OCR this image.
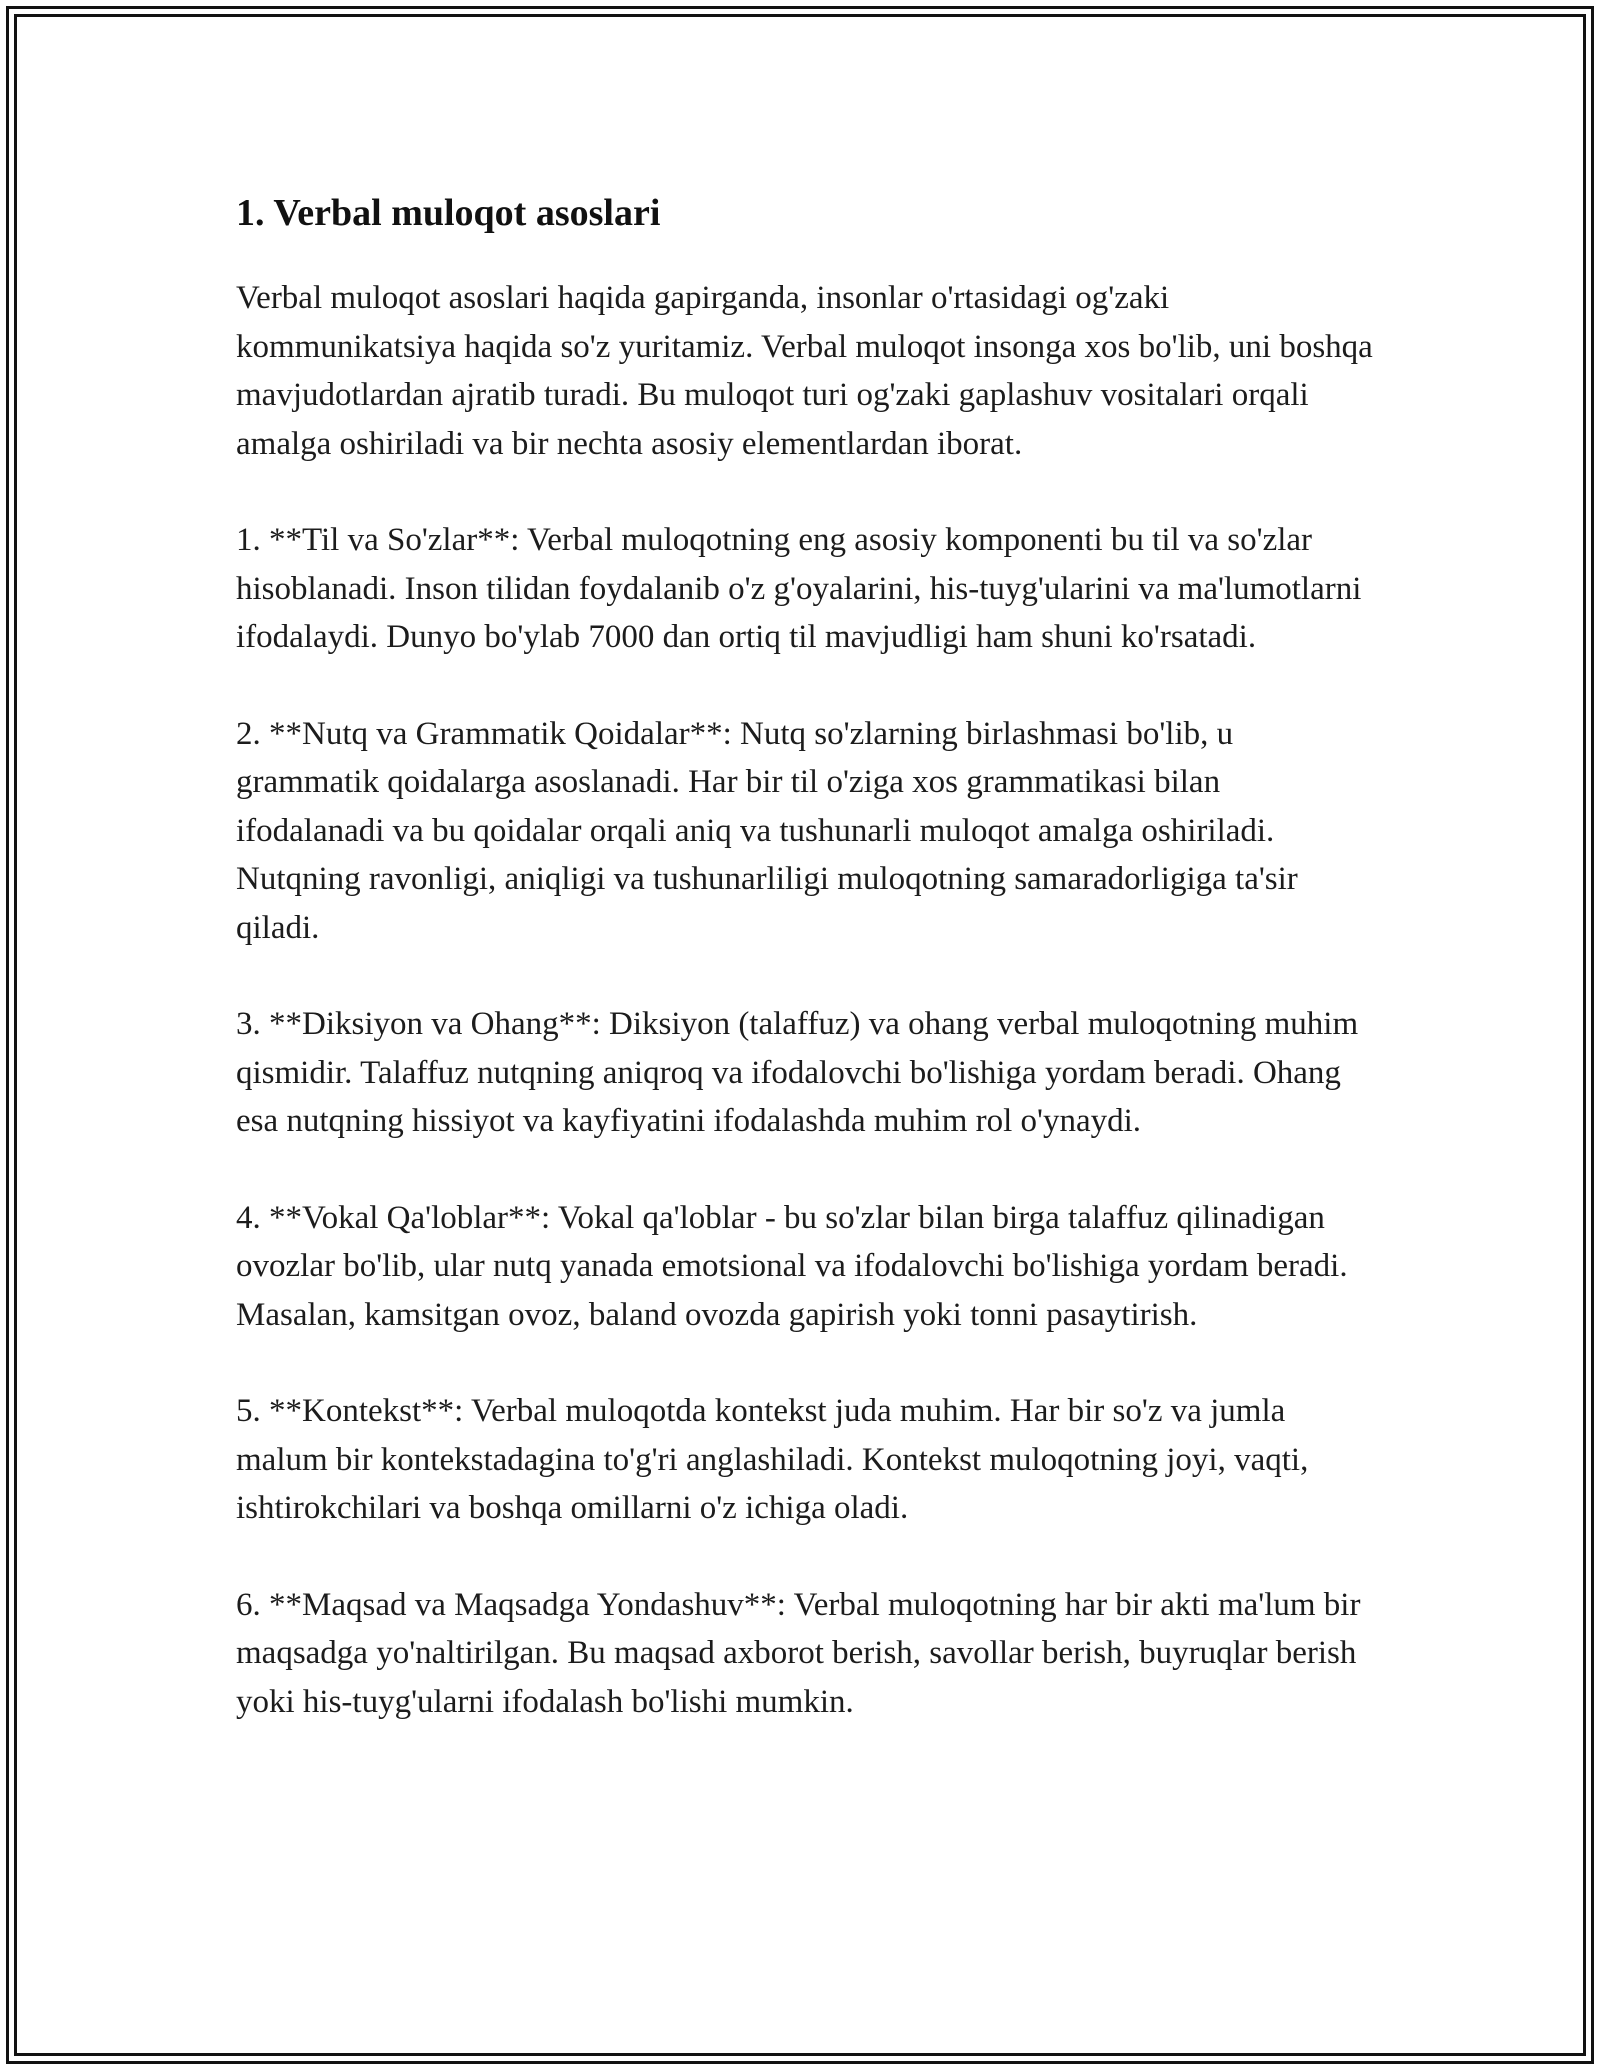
1. Verbal muloqot asoslari

Verbal muloqot asoslari haqida gapirganda, insonlar o'rtasidagi og'zaki kommunikatsiya haqida so'z yuritamiz. Verbal muloqot insonga xos bo'lib, uni boshqa mavjudotlardan ajratib turadi. Bu muloqot turi og'zaki gaplashuv vositalari orqali amalga oshiriladi va bir nechta asosiy elementlardan iborat.

1. **Til va So'zlar**: Verbal muloqotning eng asosiy komponenti bu til va so'zlar hisoblanadi. Inson tilidan foydalanib o'z g'oyalarini, his-tuyg'ularini va ma'lumotlarni ifodalaydi. Dunyo bo'ylab 7000 dan ortiq til mavjudligi ham shuni ko'rsatadi.

2. **Nutq va Grammatik Qoidalar**: Nutq so'zlarning birlashmasi bo'lib, u grammatik qoidalarga asoslanadi. Har bir til o'ziga xos grammatikasi bilan ifodalanadi va bu qoidalar orqali aniq va tushunarli muloqot amalga oshiriladi. Nutqning ravonligi, aniqligi va tushunarliligi muloqotning samaradorligiga ta'sir qiladi.

3. **Diksiyon va Ohang**: Diksiyon (talaffuz) va ohang verbal muloqotning muhim qismidir. Talaffuz nutqning aniqroq va ifodalovchi bo'lishiga yordam beradi. Ohang esa nutqning hissiyot va kayfiyatini ifodalashda muhim rol o'ynaydi.

4. **Vokal Qa'loblar**: Vokal qa'loblar - bu so'zlar bilan birga talaffuz qilinadigan ovozlar bo'lib, ular nutq yanada emotsional va ifodalovchi bo'lishiga yordam beradi. Masalan, kamsitgan ovoz, baland ovozda gapirish yoki tonni pasaytirish.

5. **Kontekst**: Verbal muloqotda kontekst juda muhim. Har bir so'z va jumla malum bir kontekstadagina to'g'ri anglashiladi. Kontekst muloqotning joyi, vaqti, ishtirokchilari va boshqa omillarni o'z ichiga oladi.

6. **Maqsad va Maqsadga Yondashuv**: Verbal muloqotning har bir akti ma'lum bir maqsadga yo'naltirilgan. Bu maqsad axborot berish, savollar berish, buyruqlar berish yoki his-tuyg'ularni ifodalash bo'lishi mumkin.
